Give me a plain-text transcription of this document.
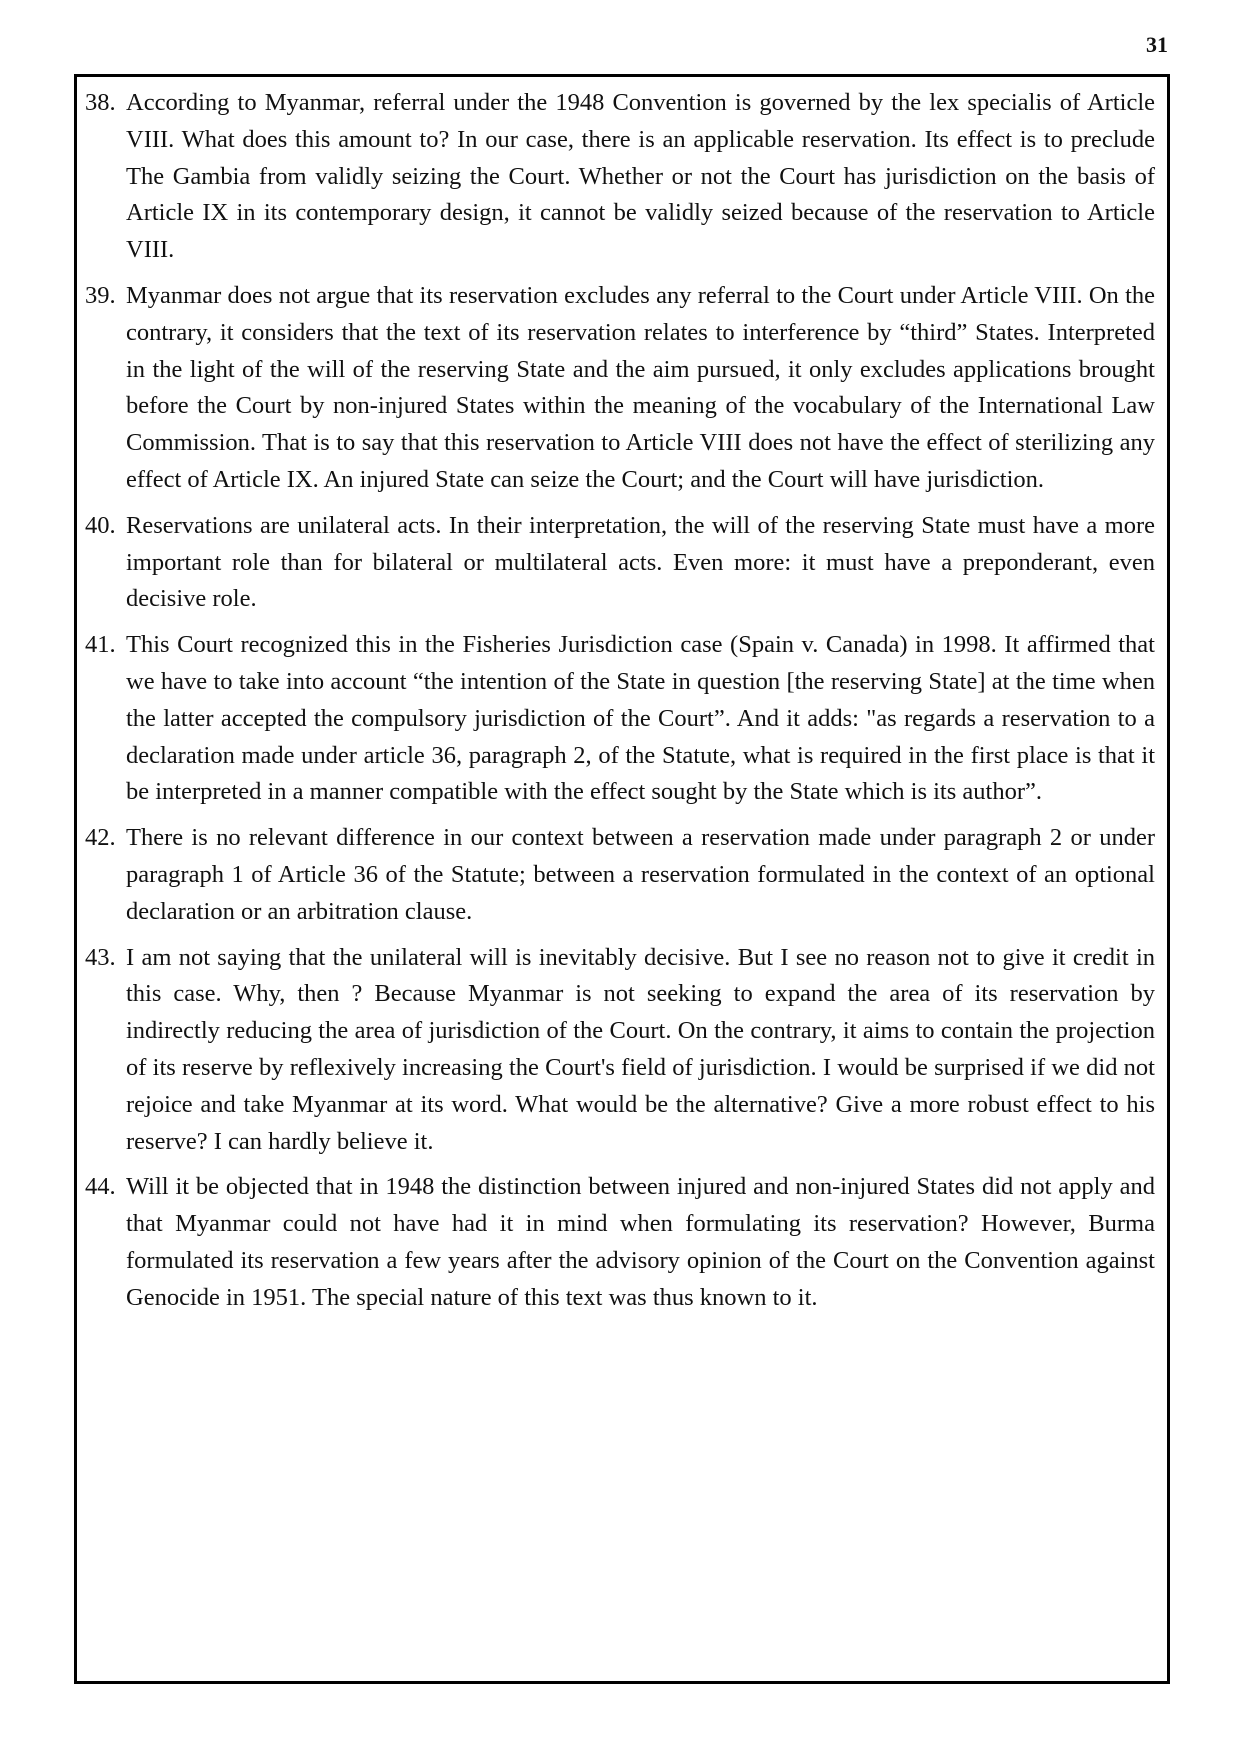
31

38. According to Myanmar, referral under the 1948 Convention is governed by the lex specialis of Article VIII. What does this amount to? In our case, there is an applicable reservation. Its effect is to preclude The Gambia from validly seizing the Court. Whether or not the Court has jurisdiction on the basis of Article IX in its contemporary design, it cannot be validly seized because of the reservation to Article VIII.

39. Myanmar does not argue that its reservation excludes any referral to the Court under Article VIII. On the contrary, it considers that the text of its reservation relates to interference by “third” States. Interpreted in the light of the will of the reserving State and the aim pursued, it only excludes applications brought before the Court by non-injured States within the meaning of the vocabulary of the International Law Commission. That is to say that this reservation to Article VIII does not have the effect of sterilizing any effect of Article IX. An injured State can seize the Court; and the Court will have jurisdiction.

40. Reservations are unilateral acts. In their interpretation, the will of the reserving State must have a more important role than for bilateral or multilateral acts. Even more: it must have a preponderant, even decisive role.

41. This Court recognized this in the Fisheries Jurisdiction case (Spain v. Canada) in 1998. It affirmed that we have to take into account “the intention of the State in question [the reserving State] at the time when the latter accepted the compulsory jurisdiction of the Court”. And it adds: "as regards a reservation to a declaration made under article 36, paragraph 2, of the Statute, what is required in the first place is that it be interpreted in a manner compatible with the effect sought by the State which is its author”.

42. There is no relevant difference in our context between a reservation made under paragraph 2 or under paragraph 1 of Article 36 of the Statute; between a reservation formulated in the context of an optional declaration or an arbitration clause.

43. I am not saying that the unilateral will is inevitably decisive. But I see no reason not to give it credit in this case. Why, then ? Because Myanmar is not seeking to expand the area of its reservation by indirectly reducing the area of jurisdiction of the Court. On the contrary, it aims to contain the projection of its reserve by reflexively increasing the Court's field of jurisdiction. I would be surprised if we did not rejoice and take Myanmar at its word. What would be the alternative? Give a more robust effect to his reserve? I can hardly believe it.

44. Will it be objected that in 1948 the distinction between injured and non-injured States did not apply and that Myanmar could not have had it in mind when formulating its reservation? However, Burma formulated its reservation a few years after the advisory opinion of the Court on the Convention against Genocide in 1951. The special nature of this text was thus known to it.
